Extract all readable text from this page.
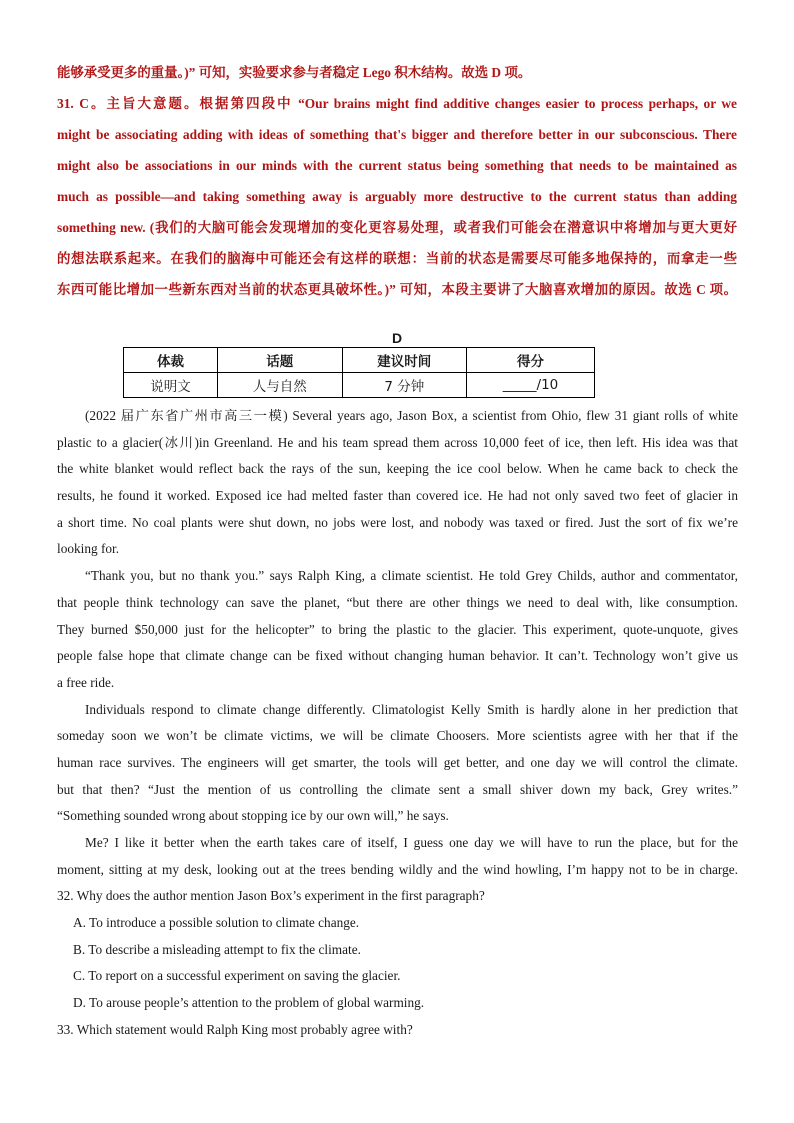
能够承受更多的重量。)” 可知，实验要求参与者稳定 Lego 积木结构。故选 D 项。
31. C。主旨大意题。根据第四段中 “Our brains might find additive changes easier to process perhaps, or we
might be associating adding with ideas of something that's bigger and therefore better in our subconscious. There
might also be associations in our minds with the current status being something that needs to be maintained as
much as possible—and taking something away is arguably more destructive to the current status than adding
something new. (我们的大脑可能会发现增加的变化更容易处理，或者我们可能会在潜意识中将增加与更大更好
的想法联系起来。在我们的脑海中可能还会有这样的联想：当前的状态是需要尽可能多地保持的，而拿走一些
东西可能比增加一些新东西对当前的状态更具破坏性。)” 可知，本段主要讲了大脑喜欢增加的原因。故选 C 项。
D
体裁	话题	建议时间	得分
说明文	人与自然	7 分钟	_____/10
(2022 届广东省广州市高三一模) Several years ago, Jason Box, a scientist from Ohio, flew 31 giant rolls of white
plastic to a glacier(冰川)in Greenland. He and his team spread them across 10,000 feet of ice, then left. His idea was that
the white blanket would reflect back the rays of the sun, keeping the ice cool below. When he came back to check the
results, he found it worked. Exposed ice had melted faster than covered ice. He had not only saved two feet of glacier in
a short time. No coal plants were shut down, no jobs were lost, and nobody was taxed or fired. Just the sort of fix we’re
looking for.
“Thank you, but no thank you.” says Ralph King, a climate scientist. He told Grey Childs, author and commentator,
that people think technology can save the planet, “but there are other things we need to deal with, like consumption.
They burned $50,000 just for the helicopter” to bring the plastic to the glacier. This experiment, quote-unquote, gives
people false hope that climate change can be fixed without changing human behavior. It can’t. Technology won’t give us
a free ride.
Individuals respond to climate change differently. Climatologist Kelly Smith is hardly alone in her prediction that
someday soon we won’t be climate victims, we will be climate Choosers. More scientists agree with her that if the
human race survives. The engineers will get smarter, the tools will get better, and one day we will control the climate.
but that then? “Just the mention of us controlling the climate sent a small shiver down my back, Grey writes.”
“Something sounded wrong about stopping ice by our own will,” he says.
Me? I like it better when the earth takes care of itself, I guess one day we will have to run the place, but for the
moment, sitting at my desk, looking out at the trees bending wildly and the wind howling, I’m happy not to be in charge.
32. Why does the author mention Jason Box’s experiment in the first paragraph?
A. To introduce a possible solution to climate change.
B. To describe a misleading attempt to fix the climate.
C. To report on a successful experiment on saving the glacier.
D. To arouse people’s attention to the problem of global warming.
33. Which statement would Ralph King most probably agree with?
